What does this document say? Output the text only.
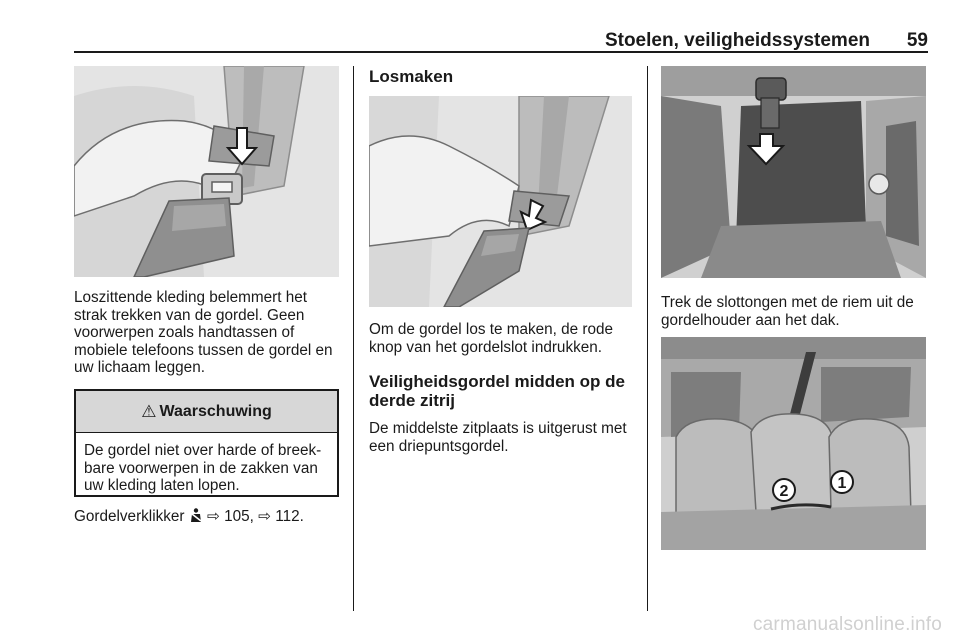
Stoelen, veiligheidssystemen	59
Loszittende kleding belemmert het strak trekken van de gordel. Geen voorwerpen zoals handtassen of mobiele telefoons tussen de gordel en uw lichaam leggen.
⚠ Waarschuwing
De gordel niet over harde of breekbare voorwerpen in de zakken van uw kleding laten lopen.
Gordelverklikker ⇨ 105, ⇨ 112.
Losmaken
Om de gordel los te maken, de rode knop van het gordelslot indrukken.
Veiligheidsgordel midden op de derde zitrij
De middelste zitplaats is uitgerust met een driepuntsgordel.
Trek de slottongen met de riem uit de gordelhouder aan het dak.
1
2
carmanualsonline.info
